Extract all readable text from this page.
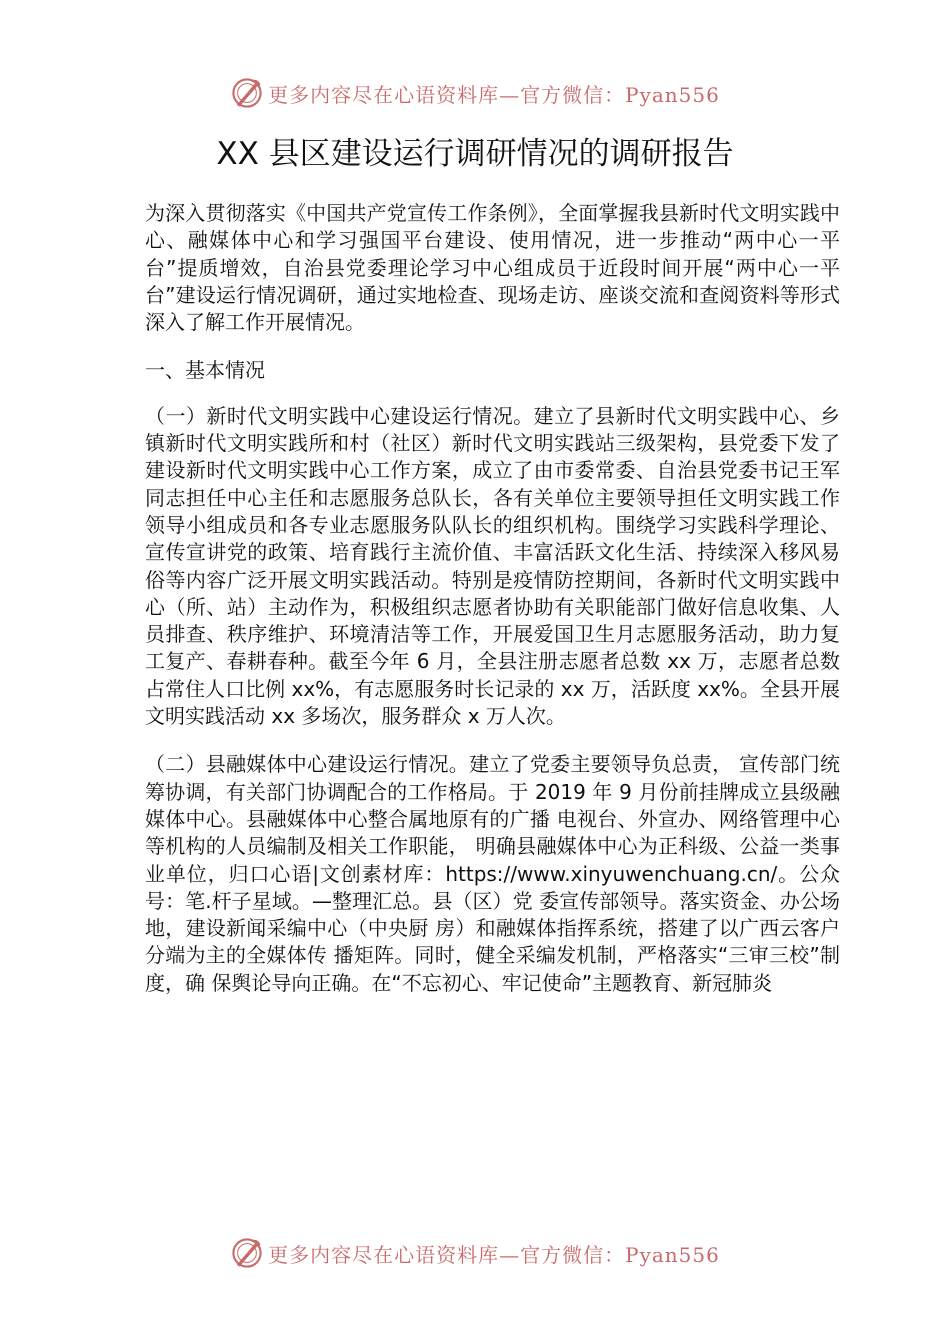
更多内容尽在心语资料库—官方微信：Pyan556
XX 县区建设运行调研情况的调研报告

为深入贯彻落实《中国共产党宣传工作条例》，全面掌握我县新时代文明实践中心、融媒体中心和学习强国平台建设、使用情况，进一步推动“两中心一平台”提质增效，自治县党委理论学习中心组成员于近段时间开展“两中心一平台”建设运行情况调研，通过实地检查、现场走访、座谈交流和查阅资料等形式深入了解工作开展情况。

一、基本情况

（一）新时代文明实践中心建设运行情况。建立了县新时代文明实践中心、乡镇新时代文明实践所和村（社区）新时代文明实践站三级架构，县党委下发了建设新时代文明实践中心工作方案，成立了由市委常委、自治县党委书记王军同志担任中心主任和志愿服务总队长，各有关单位主要领导担任文明实践工作领导小组成员和各专业志愿服务队队长的组织机构。围绕学习实践科学理论、宣传宣讲党的政策、培育践行主流价值、丰富活跃文化生活、持续深入移风易俗等内容广泛开展文明实践活动。特别是疫情防控期间，各新时代文明实践中心（所、站）主动作为，积极组织志愿者协助有关职能部门做好信息收集、人员排查、秩序维护、环境清洁等工作，开展爱国卫生月志愿服务活动，助力复工复产、春耕春种。截至今年 6 月，全县注册志愿者总数 xx 万，志愿者总数占常住人口比例 xx%，有志愿服务时长记录的 xx 万，活跃度 xx%。全县开展文明实践活动 xx 多场次，服务群众 x 万人次。

（二）县融媒体中心建设运行情况。建立了党委主要领导负总责， 宣传部门统筹协调，有关部门协调配合的工作格局。于 2019 年 9 月份前挂牌成立县级融媒体中心。县融媒体中心整合属地原有的广播 电视台、外宣办、网络管理中心等机构的人员编制及相关工作职能， 明确县融媒体中心为正科级、公益一类事业单位，归口心语|文创素材库：https://www.xinyuwenchuang.cn/。公众号：笔.杆子星域。—整理汇总。县（区）党 委宣传部领导。落实资金、办公场地，建设新闻采编中心（中央厨 房）和融媒体指挥系统，搭建了以广西云客户分端为主的全媒体传 播矩阵。同时，健全采编发机制，严格落实“三审三校”制度，确 保舆论导向正确。在“不忘初心、牢记使命”主题教育、新冠肺炎

更多内容尽在心语资料库—官方微信：Pyan556
